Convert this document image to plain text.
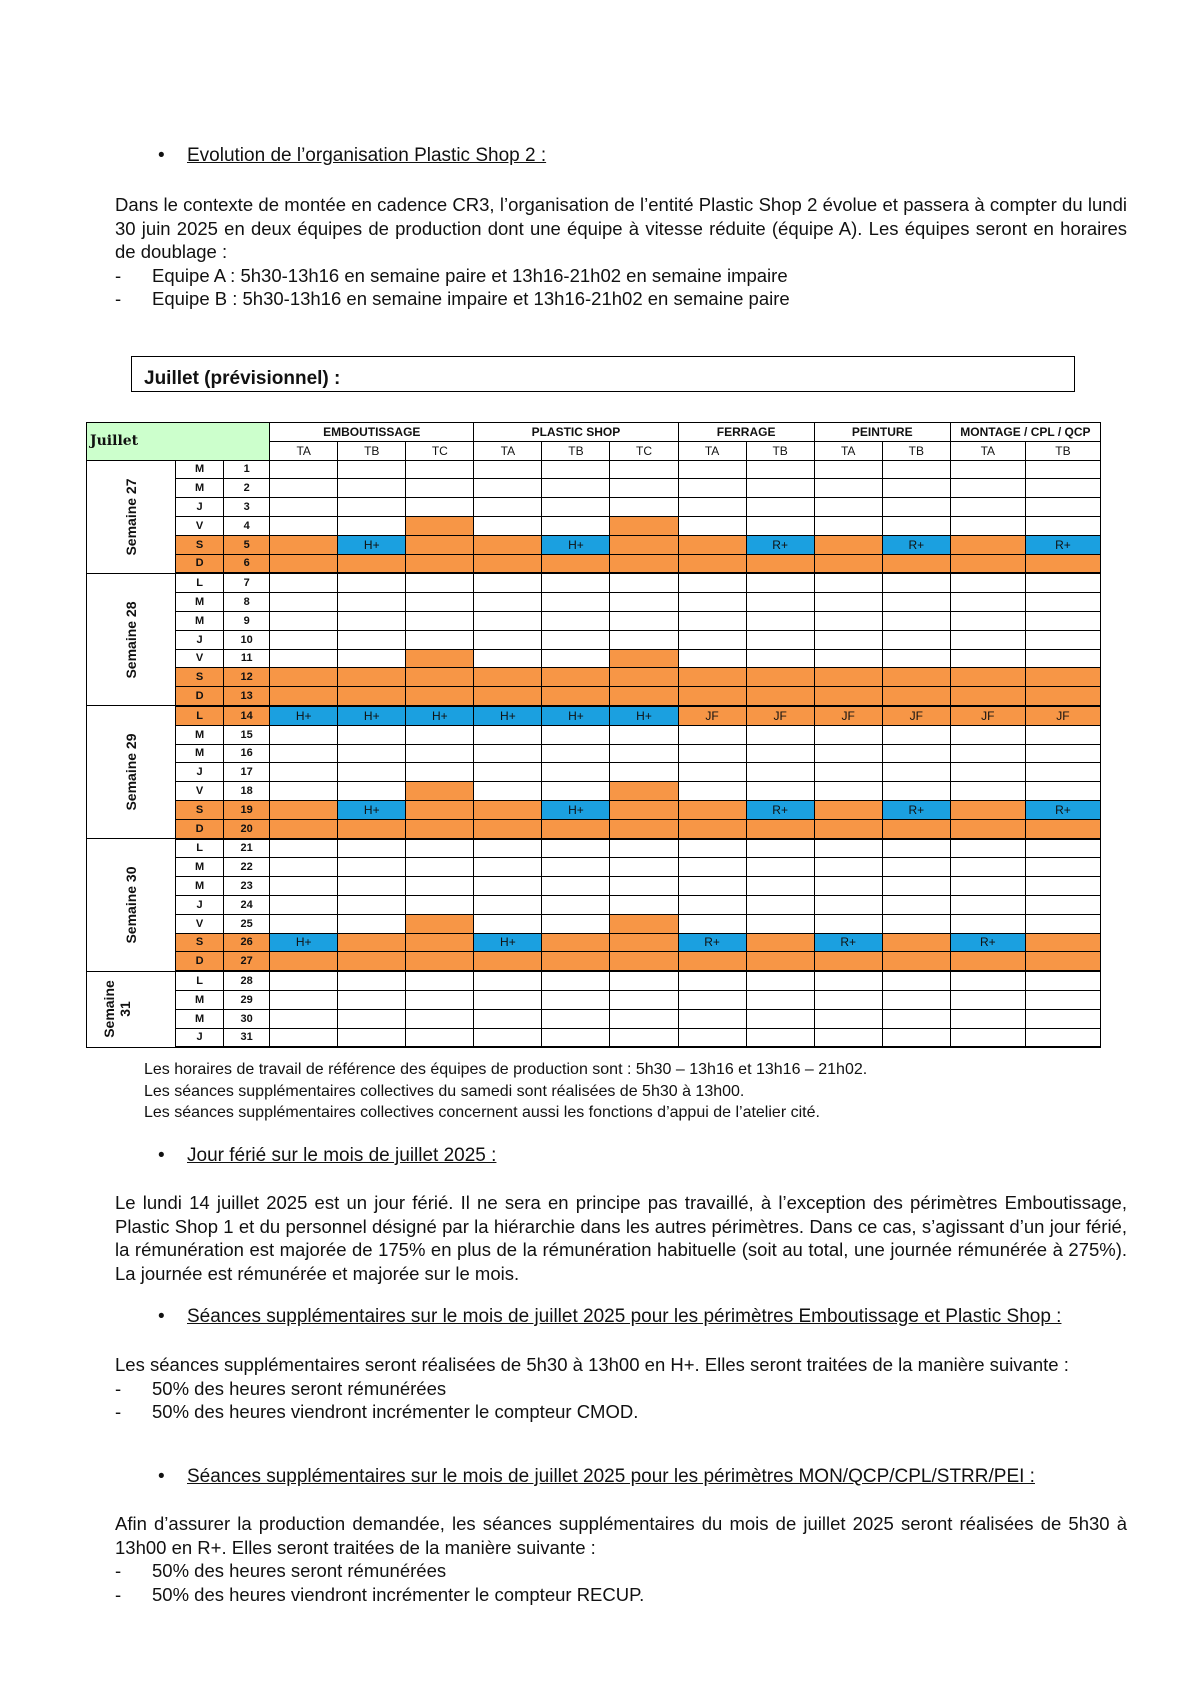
• Evolution de l’organisation Plastic Shop 2 :

Dans le contexte de montée en cadence CR3, l’organisation de l’entité Plastic Shop 2 évolue et passera à compter du lundi 30 juin 2025 en deux équipes de production dont une équipe à vitesse réduite (équipe A). Les équipes seront en horaires de doublage :

- Equipe A : 5h30-13h16 en semaine paire et 13h16-21h02 en semaine impaire

- Equipe B : 5h30-13h16 en semaine impaire et 13h16-21h02 en semaine paire

Juillet (prévisionnel) :
Juillet			EMBOUTISSAGE			PLASTIC SHOP			FERRAGE		PEINTURE		MONTAGE / CPL / QCP	
			TA	TB	TC	TA	TB	TC	TA	TB	TA	TB	TA	TB

Semaine 27	M	1												
	M	2												
	J	3												
	V	4												
	S	5		H+			H+			R+		R+		R+
	D	6												

Semaine 28	L	7												
	M	8												
	M	9												
	J	10												
	V	11												
	S	12												
	D	13												

Semaine 29	L	14	H+	H+	H+	H+	H+	H+	JF	JF	JF	JF	JF	JF
	M	15												
	M	16												
	J	17												
	V	18												
	S	19		H+			H+			R+		R+		R+
	D	20												

Semaine 30	L	21												
	M	22												
	M	23												
	J	24												
	V	25												
	S	26	H+			H+			R+		R+		R+	
	D	27												

Semaine 31	L	28												
	M	29												
	M	30												
	J	31												

Les horaires de travail de référence des équipes de production sont : 5h30 – 13h16 et 13h16 – 21h02.

Les séances supplémentaires collectives du samedi sont réalisées de 5h30 à 13h00.

Les séances supplémentaires collectives concernent aussi les fonctions d’appui de l’atelier cité.

• Jour férié sur le mois de juillet 2025 :

Le lundi 14 juillet 2025 est un jour férié. Il ne sera en principe pas travaillé, à l’exception des périmètres Emboutissage, Plastic Shop 1 et du personnel désigné par la hiérarchie dans les autres périmètres. Dans ce cas, s’agissant d’un jour férié, la rémunération est majorée de 175% en plus de la rémunération habituelle (soit au total, une journée rémunérée à 275%). La journée est rémunérée et majorée sur le mois.

• Séances supplémentaires sur le mois de juillet 2025 pour les périmètres Emboutissage et Plastic Shop :

Les séances supplémentaires seront réalisées de 5h30 à 13h00 en H+. Elles seront traitées de la manière suivante :

- 50% des heures seront rémunérées

- 50% des heures viendront incrémenter le compteur CMOD.

• Séances supplémentaires sur le mois de juillet 2025 pour les périmètres MON/QCP/CPL/STRR/PEI :

Afin d’assurer la production demandée, les séances supplémentaires du mois de juillet 2025 seront réalisées de 5h30 à 13h00 en R+. Elles seront traitées de la manière suivante :

- 50% des heures seront rémunérées

- 50% des heures viendront incrémenter le compteur RECUP.
